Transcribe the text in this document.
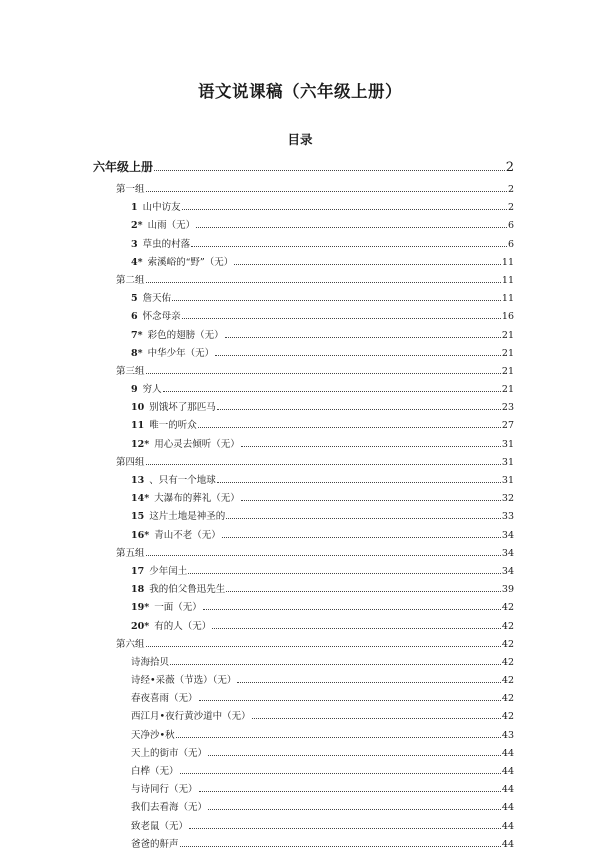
语文说课稿（六年级上册）
目录
六年级上册	2
第一组	2
1 山中访友	2
2* 山雨（无）	6
3 草虫的村落	6
4* 索溪峪的“野”（无）	11
第二组	11
5 詹天佑	11
6 怀念母亲	16
7* 彩色的翅膀（无）	21
8* 中华少年（无）	21
第三组	21
9 穷人	21
10 别饿坏了那匹马	23
11 唯一的听众	27
12* 用心灵去倾听（无）	31
第四组	31
13 、只有一个地球	31
14* 大瀑布的葬礼（无）	32
15 这片土地是神圣的	33
16* 青山不老（无）	34
第五组	34
17 少年闰土	34
18 我的伯父鲁迅先生	39
19* 一面（无）	42
20* 有的人（无）	42
第六组	42
诗海拾贝	42
诗经•采薇（节选）（无）	42
春夜喜雨（无）	42
西江月•夜行黄沙道中（无）	42
天净沙•秋	43
天上的街市（无）	44
白桦（无）	44
与诗同行（无）	44
我们去看海（无）	44
致老鼠（无）	44
爸爸的鼾声	44
